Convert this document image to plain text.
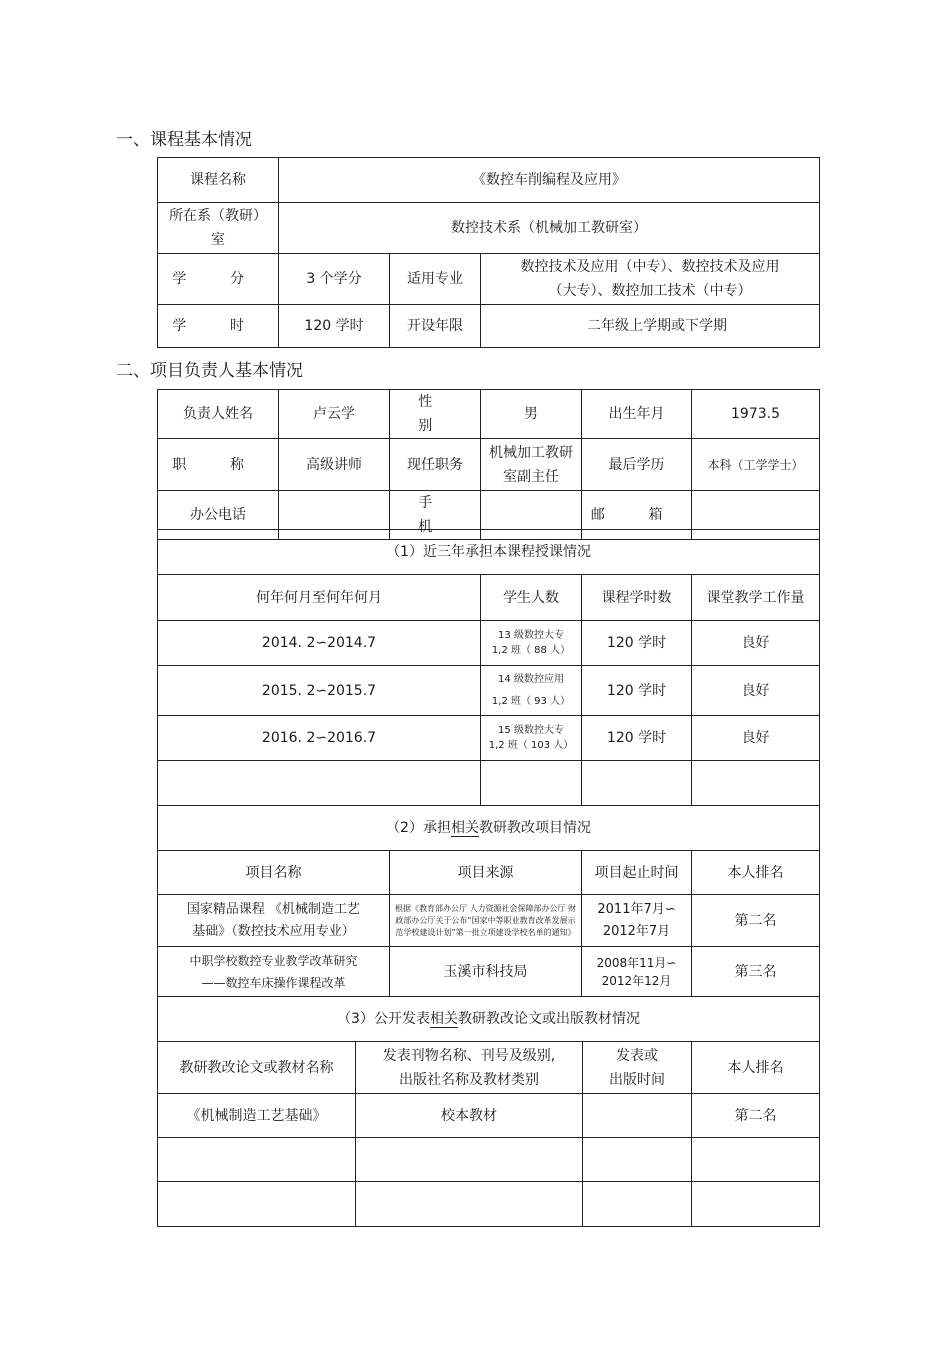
一、课程基本情况
课程名称	《数控车削编程及应用》		

所在系（教研）
室	数控技术系（机械加工教研室）		
学 分	3 个学分	适用专业	数控技术及应用（中专）、数控技术及应用
（大专）、数控加工技术（中专）

学 时	120 学时	开设年限	二年级上学期或下学期
二、项目负责人基本情况
负责人姓名	卢云学	性 别	男	出生年月	1973.5
职 称	高级讲师	现任职务	机械加工教研
室副主任	最后学历	本科（工学学士）
办公电话		手 机		邮 箱	
（1）近三年承担本课程授课情况			
何年何月至何年何月	学生人数	课程学时数	课堂教学工作量
2014. 2∽2014.7	13 级数控大专
1,2 班（ 88 人）	120 学时	良好
2015. 2∽2015.7	14 级数控应用
1,2 班（ 93 人）	120 学时	良好
2016. 2∽2016.7	15 级数控大专
1,2 班（ 103 人）	120 学时	良好

（2）承担相关教研教改项目情况			
项目名称	项目来源	项目起止时间	本人排名

国家精品课程 《机械制造工艺
基础》（数控技术应用专业）	根据《教育部办公厅 人力资源社会保障部办公厅 财政部办公厅关于公布“国家中等职业教育改革发展示范学校建设计划”第一批立项建设学校名单的通知》	2011年7月∽
2012年7月	第二名

中职学校数控专业教学改革研究
——数控车床操作课程改革	玉溪市科技局	2008年11月∽
2012年12月	第三名
（3）公开发表相关教研教改论文或出版教材情况			
教研教改论文或教材名称	发表刊物名称、刊号及级别,
出版社名称及教材类别	发表或
出版时间	本人排名
《机械制造工艺基础》	校本教材		第二名
